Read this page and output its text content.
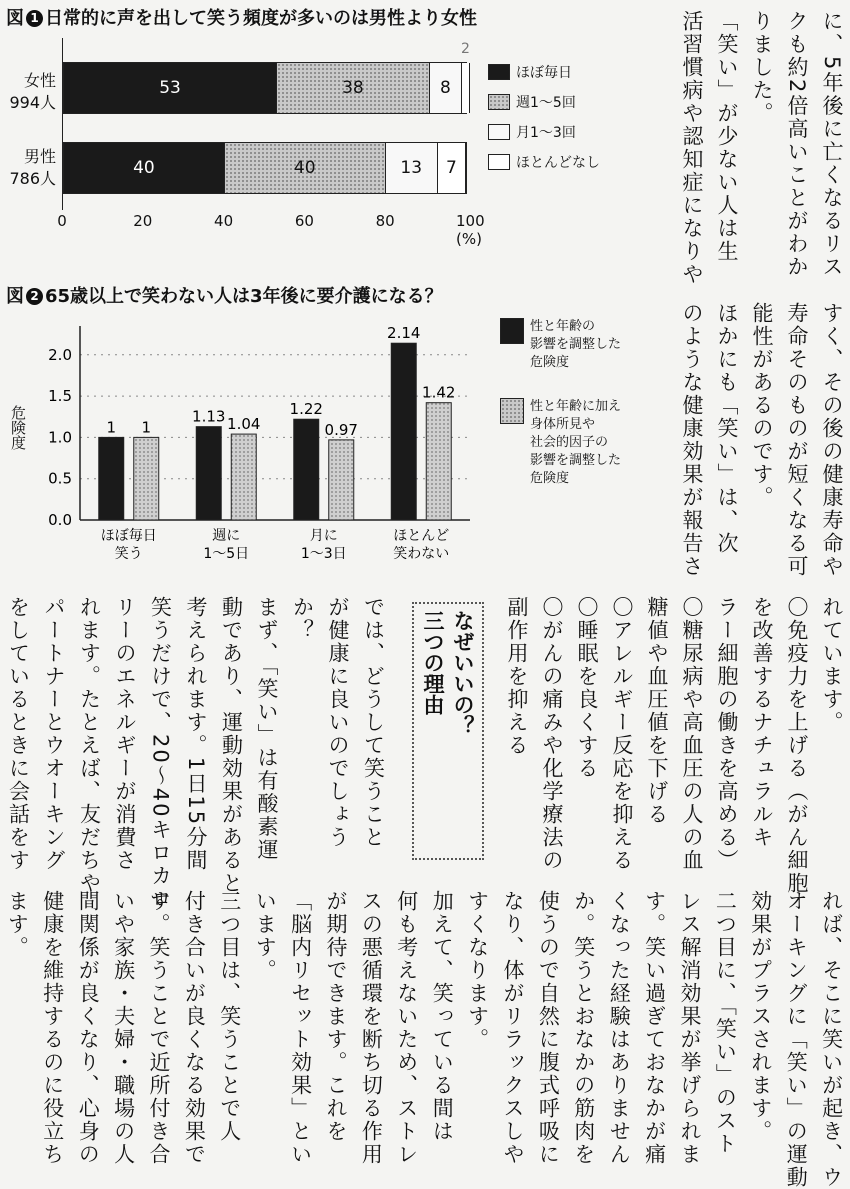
図 1 日常的に声を出して笑う頻度が多いのは男性より女性
女性
994人
男性
786人
53	38	8
2
40	40	13 7
0	20	40	60	80	100 (%)
ほぼ毎日
週1〜5回
月1〜3回
ほとんどなし
図 2 65歳以上で笑わない人は3年後に要介護になる？
危険度
2.0
1.5
1.0
0.5
0.0
1 1
ほぼ毎日
笑う
1.13 1.04
週に
1〜5日
1.22
0.97
月に
1〜3日
2.14
1.42
ほとんど
笑わない
性と年齢の
影響を調整した
危険度
性と年齢に加え
身体所見や
社会的因子の
影響を調整した
危険度
に、5年後に亡くなるリス
クも約2倍高いことがわか
りました。
「笑い」が少ない人は生
活習慣病や認知症になりや
すく、その後の健康寿命や
寿命そのものが短くなる可
能性があるのです。
ほかにも「笑い」は、次
のような健康効果が報告さ
れています。
〇免疫力を上げる（がん細胞
を改善するナチュラルキ
ラー細胞の働きを高める）
〇糖尿病や高血圧の人の血
糖値や血圧値を下げる
〇アレルギー反応を抑える
〇睡眠を良くする
〇がんの痛みや化学療法の
副作用を抑える
なぜいいの？
三つの理由
では、どうして笑うこと
が健康に良いのでしょう
か？
まず、「笑い」は有酸素運
動であり、運動効果があると
考えられます。1日15分間
笑うだけで、20〜40キロカロ
リーのエネルギーが消費さ
れます。たとえば、友だちや
パートナーとウオーキング
をしているときに会話をす
れば、そこに笑いが起き、ウ
オーキングに「笑い」の運動
効果がプラスされます。
二つ目に、「笑い」のスト
レス解消効果が挙げられま
す。笑い過ぎておなかが痛
くなった経験はありません
か。笑うとおなかの筋肉を
使うので自然に腹式呼吸に
なり、体がリラックスしや
すくなります。
加えて、笑っている間は
何も考えないため、ストレ
スの悪循環を断ち切る作用
が期待できます。これを
「脳内リセット効果」とい
います。
三つ目は、笑うことで人
付き合いが良くなる効果で
す。笑うことで近所付き合
いや家族・夫婦・職場の人
間関係が良くなり、心身の
健康を維持するのに役立ち
ます。
